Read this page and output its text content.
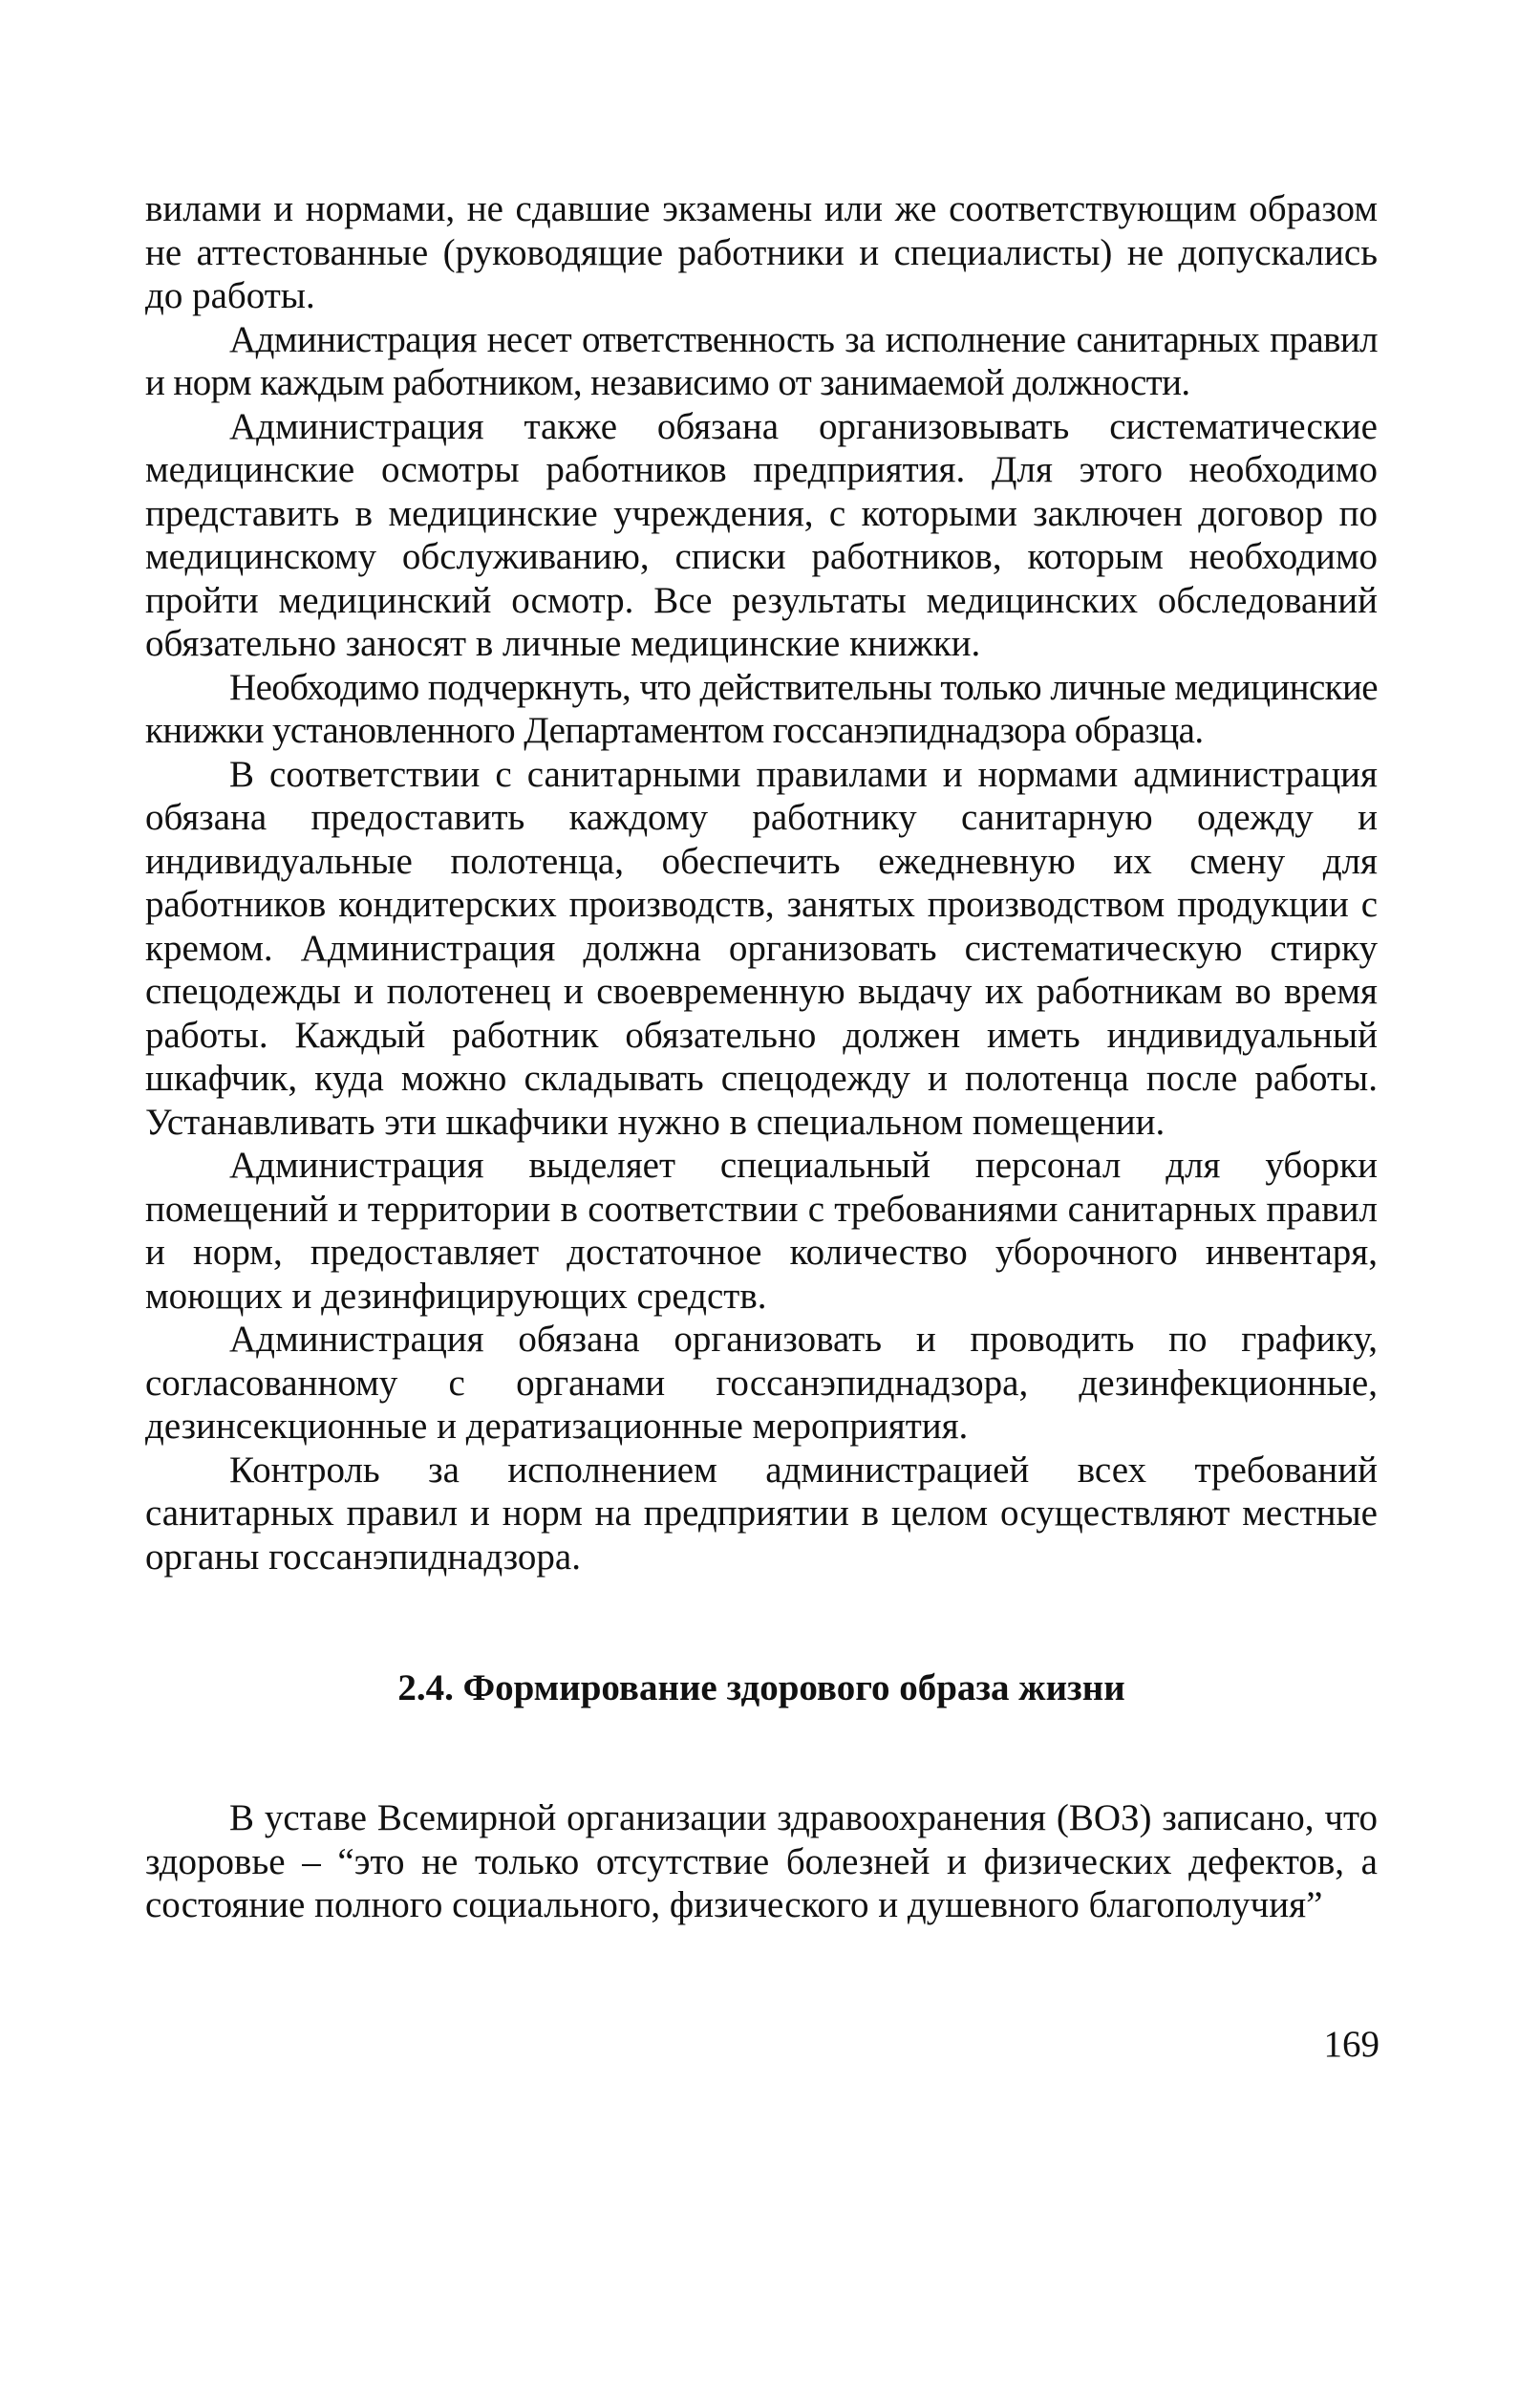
вилами и нормами, не сдавшие экзамены или же соответствующим образом не аттестованные (руководящие работники и специалисты) не допускались до работы.

Администрация несет ответственность за исполнение санитарных правил и норм каждым работником, независимо от занимаемой должности.

Администрация также обязана организовывать систематические медицинские осмотры работников предприятия. Для этого необходимо представить в медицинские учреждения, с которыми заключен договор по медицинскому обслуживанию, списки работников, которым необходимо пройти медицинский осмотр. Все результаты медицинских обследований обязательно заносят в личные медицинские книжки.

Необходимо подчеркнуть, что действительны только личные медицинские книжки установленного Департаментом госсанэпиднадзора образца.

В соответствии с санитарными правилами и нормами администрация обязана предоставить каждому работнику санитарную одежду и индивидуальные полотенца, обеспечить ежедневную их смену для работников кондитерских производств, занятых производством продукции с кремом. Администрация должна организовать систематическую стирку спецодежды и полотенец и своевременную выдачу их работникам во время работы. Каждый работник обязательно должен иметь индивидуальный шкафчик, куда можно складывать спецодежду и полотенца после работы. Устанавливать эти шкафчики нужно в специальном помещении.

Администрация выделяет специальный персонал для уборки помещений и территории в соответствии с требованиями санитарных правил и норм, предоставляет достаточное количество уборочного инвентаря, моющих и дезинфицирующих средств.

Администрация обязана организовать и проводить по графику, согласованному с органами госсанэпиднадзора, дезинфекционные, дезинсекционные и дератизационные мероприятия.

Контроль за исполнением администрацией всех требований санитарных правил и норм на предприятии в целом осуществляют местные органы госсанэпиднадзора.

2.4. Формирование здорового образа жизни

В уставе Всемирной организации здравоохранения (ВОЗ) записано, что здоровье – “это не только отсутствие болезней и физических дефектов, а состояние полного социального, физического и душевного благополучия”

169
